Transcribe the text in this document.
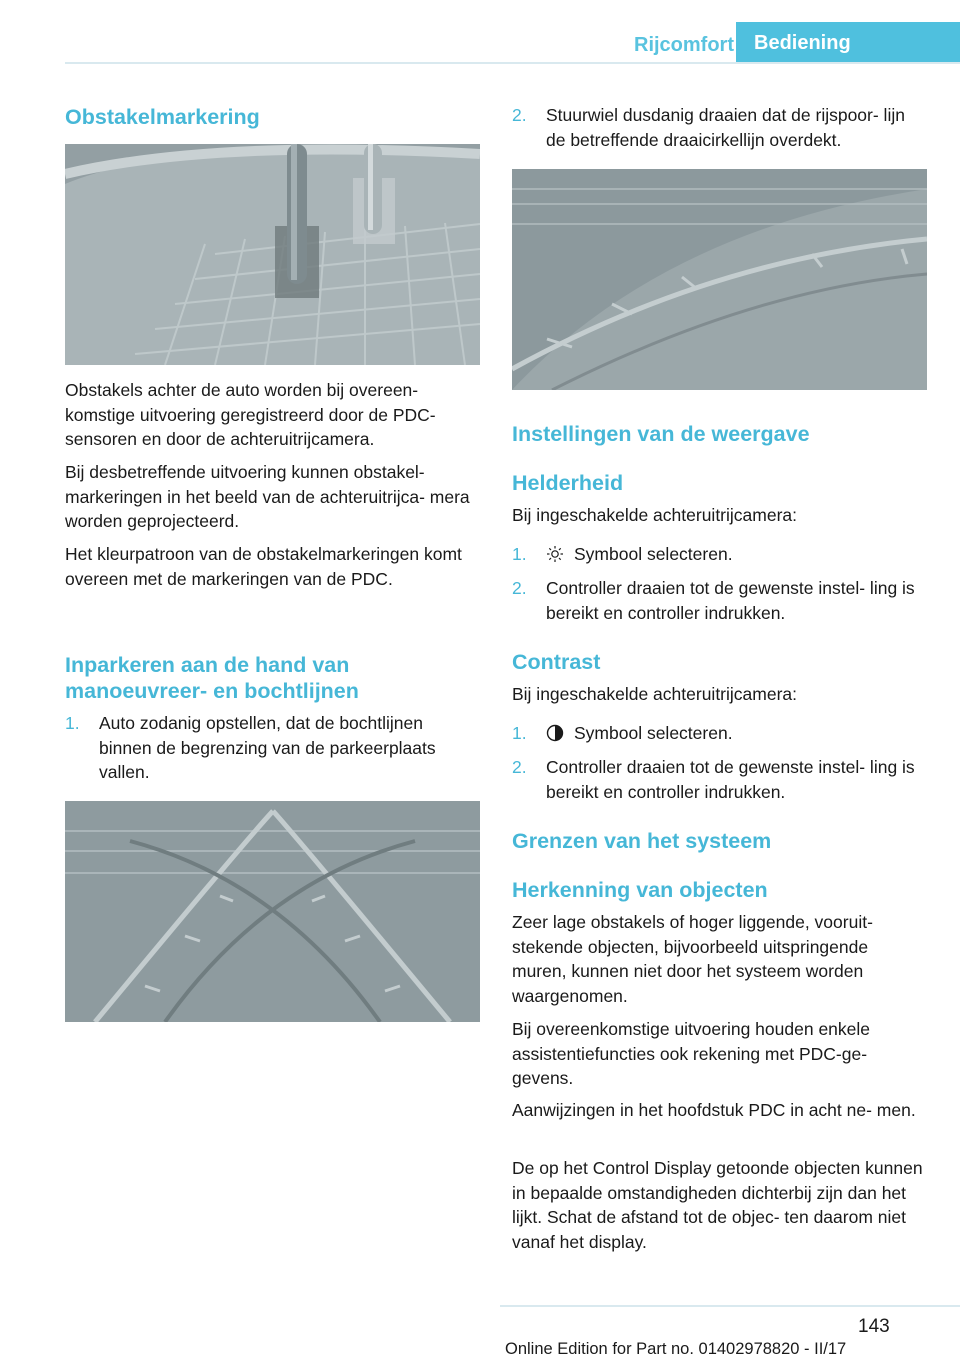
Rijcomfort	Bediening
Obstakelmarkering
Obstakels achter de auto worden bij overeen‐ komstige uitvoering geregistreerd door de PDC-sensoren en door de achteruitrijcamera.
Bij desbetreffende uitvoering kunnen obstakel‐ markeringen in het beeld van de achteruitrijca‐ mera worden geprojecteerd.
Het kleurpatroon van de obstakelmarkeringen komt overeen met de markeringen van de PDC.
Inparkeren aan de hand van manoeuvreer- en bochtlijnen
1. Auto zodanig opstellen, dat de bochtlijnen binnen de begrenzing van de parkeerplaats vallen.
2. Stuurwiel dusdanig draaien dat de rijspoor‐ lijn de betreffende draaicirkellijn overdekt.
Instellingen van de weergave
Helderheid
Bij ingeschakelde achteruitrijcamera:
1.	Symbool selecteren.
2. Controller draaien tot de gewenste instel‐ ling is bereikt en controller indrukken.
Contrast
Bij ingeschakelde achteruitrijcamera:
1.	Symbool selecteren.
2. Controller draaien tot de gewenste instel‐ ling is bereikt en controller indrukken.
Grenzen van het systeem
Herkenning van objecten
Zeer lage obstakels of hoger liggende, vooruit‐ stekende objecten, bijvoorbeeld uitspringende muren, kunnen niet door het systeem worden waargenomen.
Bij overeenkomstige uitvoering houden enkele assistentiefuncties ook rekening met PDC-ge‐ gevens.
Aanwijzingen in het hoofdstuk PDC in acht ne‐ men.
De op het Control Display getoonde objecten kunnen in bepaalde omstandigheden dichterbij zijn dan het lijkt. Schat de afstand tot de objec‐ ten daarom niet vanaf het display.
143
Online Edition for Part no. 01402978820 - II/17
